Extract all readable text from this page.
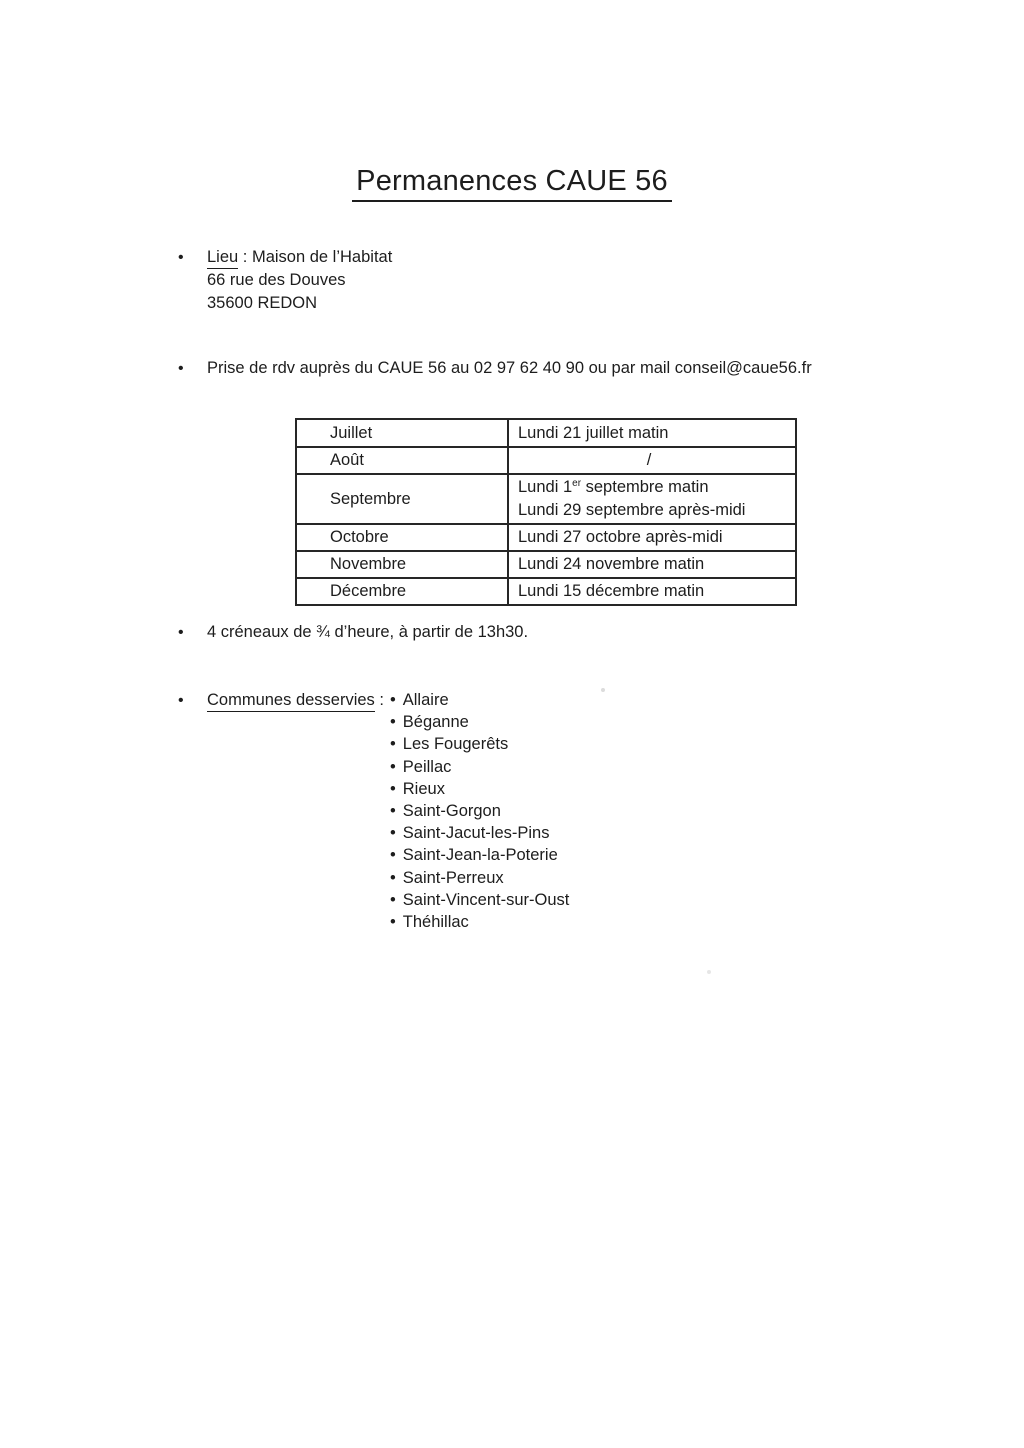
Permanences CAUE 56
•	Lieu : Maison de l’Habitat
66 rue des Douves
35600 REDON
•	Prise de rdv auprès du CAUE 56 au 02 97 62 40 90 ou par mail conseil@caue56.fr
Juillet	Lundi 21 juillet matin
Août	/
Septembre	Lundi 1er septembre matin
Lundi 29 septembre après-midi

Octobre	Lundi 27 octobre après-midi
Novembre	Lundi 24 novembre matin
Décembre	Lundi 15 décembre matin
•	4 créneaux de ¾ d’heure, à partir de 13h30.
•	Communes desservies : • Allaire
• Béganne
• Les Fougerêts
• Peillac
• Rieux
• Saint-Gorgon
• Saint-Jacut-les-Pins
• Saint-Jean-la-Poterie
• Saint-Perreux
• Saint-Vincent-sur-Oust
• Théhillac
